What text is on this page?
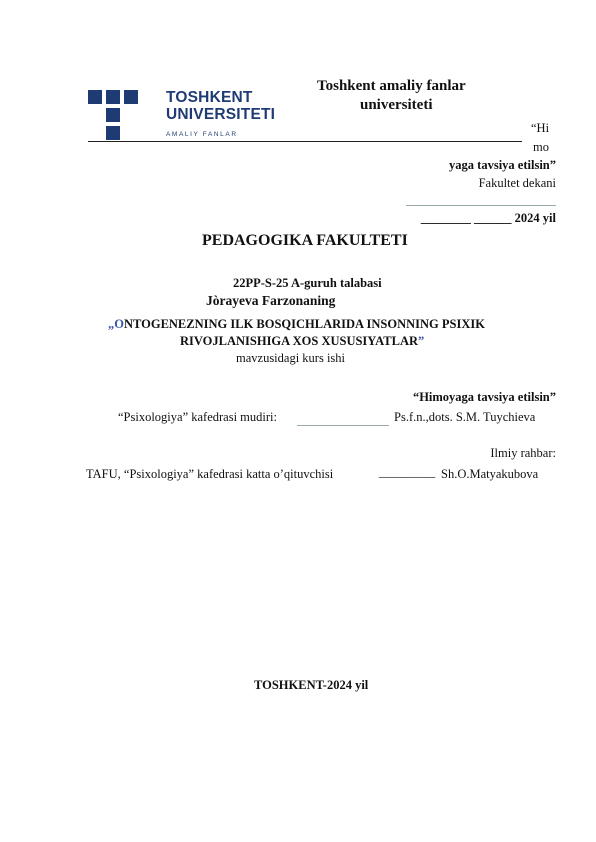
TOSHKENT
UNIVERSITETI
AMALIY FANLAR
Toshkent amaliy fanlar
universiteti
“Hi
mo
yaga tavsiya etilsin”
Fakultet dekani
________ ______ 2024 yil
PEDAGOGIKA FAKULTETI
22PP-S-25 A-guruh talabasi
Jòrayeva Farzonaning
„ONTOGENEZNING ILK BOSQICHLARIDA INSONNING PSIXIK
RIVOJLANISHIGA XOS XUSUSIYATLAR”
mavzusidagi kurs ishi
“Himoyaga tavsiya etilsin”
“Psixologiya” kafedrasi mudiri:	Ps.f.n.,dots. S.M. Tuychieva
Ilmiy rahbar:
TAFU, “Psixologiya” kafedrasi katta o’qituvchisi	_________ Sh.O.Matyakubova
TOSHKENT-2024 yil
